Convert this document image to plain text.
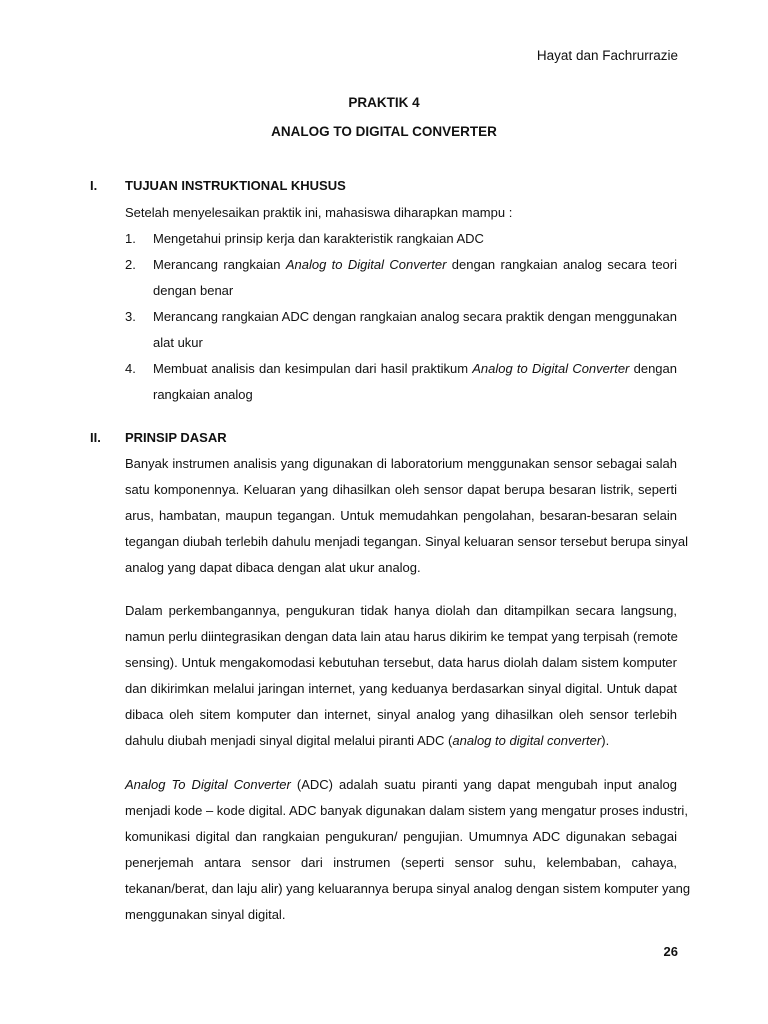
Hayat dan Fachrurrazie
PRAKTIK 4
ANALOG TO DIGITAL CONVERTER
I. TUJUAN INSTRUKTIONAL KHUSUS
Setelah menyelesaikan praktik ini, mahasiswa diharapkan mampu :
1. Mengetahui prinsip kerja dan karakteristik rangkaian ADC
2. Merancang rangkaian Analog to Digital Converter dengan rangkaian analog secara teori
dengan benar
3. Merancang rangkaian ADC dengan rangkaian analog secara praktik dengan menggunakan
alat ukur
4. Membuat analisis dan kesimpulan dari hasil praktikum Analog to Digital Converter dengan
rangkaian analog
II. PRINSIP DASAR
Banyak instrumen analisis yang digunakan di laboratorium menggunakan sensor sebagai salah
satu komponennya. Keluaran yang dihasilkan oleh sensor dapat berupa besaran listrik, seperti
arus, hambatan, maupun tegangan. Untuk memudahkan pengolahan, besaran-besaran selain
tegangan diubah terlebih dahulu menjadi tegangan. Sinyal keluaran sensor tersebut berupa sinyal
analog yang dapat dibaca dengan alat ukur analog.
Dalam perkembangannya, pengukuran tidak hanya diolah dan ditampilkan secara langsung,
namun perlu diintegrasikan dengan data lain atau harus dikirim ke tempat yang terpisah (remote
sensing). Untuk mengakomodasi kebutuhan tersebut, data harus diolah dalam sistem komputer
dan dikirimkan melalui jaringan internet, yang keduanya berdasarkan sinyal digital. Untuk dapat
dibaca oleh sitem komputer dan internet, sinyal analog yang dihasilkan oleh sensor terlebih
dahulu diubah menjadi sinyal digital melalui piranti ADC (analog to digital converter).
Analog To Digital Converter (ADC) adalah suatu piranti yang dapat mengubah input analog
menjadi kode – kode digital. ADC banyak digunakan dalam sistem yang mengatur proses industri,
komunikasi digital dan rangkaian pengukuran/ pengujian. Umumnya ADC digunakan sebagai
penerjemah antara sensor dari instrumen (seperti sensor suhu, kelembaban, cahaya,
tekanan/berat, dan laju alir) yang keluarannya berupa sinyal analog dengan sistem komputer yang
menggunakan sinyal digital.
26
